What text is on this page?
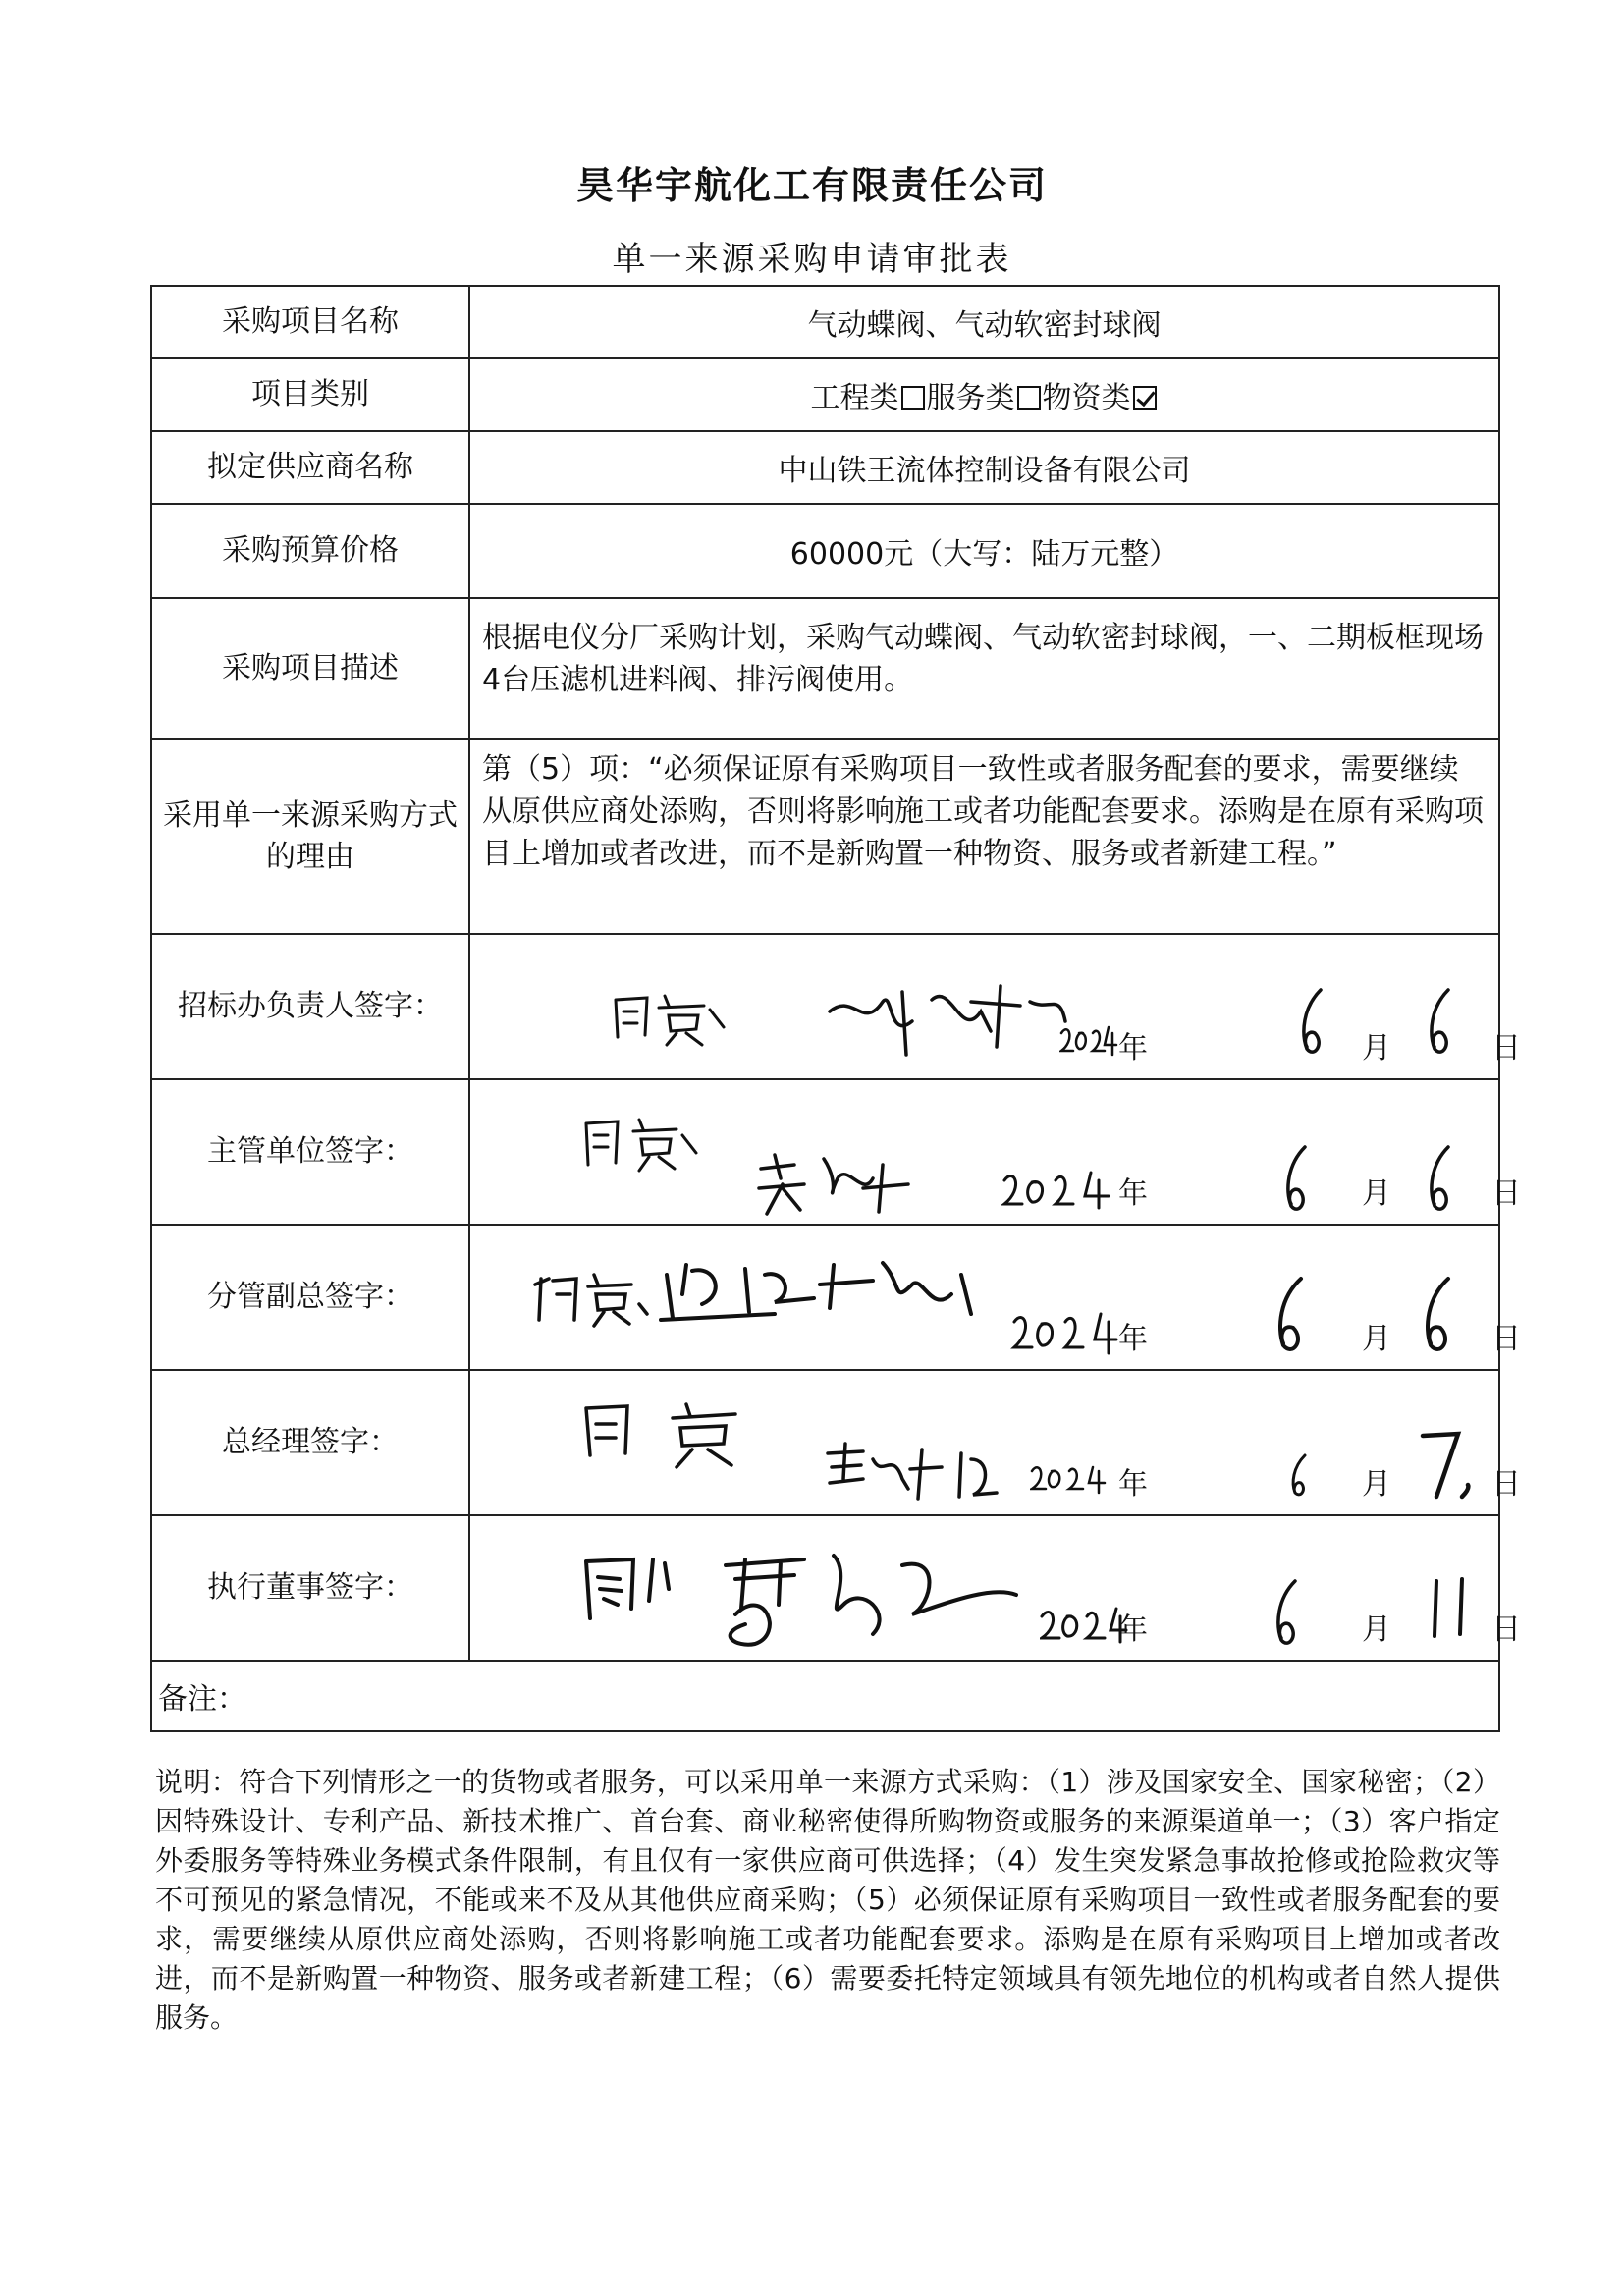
昊华宇航化工有限责任公司
单一来源采购申请审批表
采购项目名称	气动蝶阀、气动软密封球阀
项目类别	工程类 服务类 物资类
拟定供应商名称	中山铁王流体控制设备有限公司
采购预算价格	60000元（大写：陆万元整）
采购项目描述	根据电仪分厂采购计划，采购气动蝶阀、气动软密封球阀，一、二期板框现场4台压滤机进料阀、排污阀使用。
采用单一来源采购方式的理由	第（5）项：“必须保证原有采购项目一致性或者服务配套的要求，需要继续从原供应商处添购，否则将影响施工或者功能配套要求。添购是在原有采购项目上增加或者改进，而不是新购置一种物资、服务或者新建工程。”
招标办负责人签字：	年 月 日

主管单位签字：	年 月 日

分管副总签字：	年 月 日

总经理签字：	年 月 日

执行董事签字：	年 月 日

备注：	
说明：符合下列情形之一的货物或者服务，可以采用单一来源方式采购：（1）涉及国家安全、国家秘密；（2）因特殊设计、专利产品、新技术推广、首台套、商业秘密使得所购物资或服务的来源渠道单一；（3）客户指定外委服务等特殊业务模式条件限制，有且仅有一家供应商可供选择；（4）发生突发紧急事故抢修或抢险救灾等不可预见的紧急情况，不能或来不及从其他供应商采购；（5）必须保证原有采购项目一致性或者服务配套的要求，需要继续从原供应商处添购，否则将影响施工或者功能配套要求。添购是在原有采购项目上增加或者改进，而不是新购置一种物资、服务或者新建工程；（6）需要委托特定领域具有领先地位的机构或者自然人提供服务。
